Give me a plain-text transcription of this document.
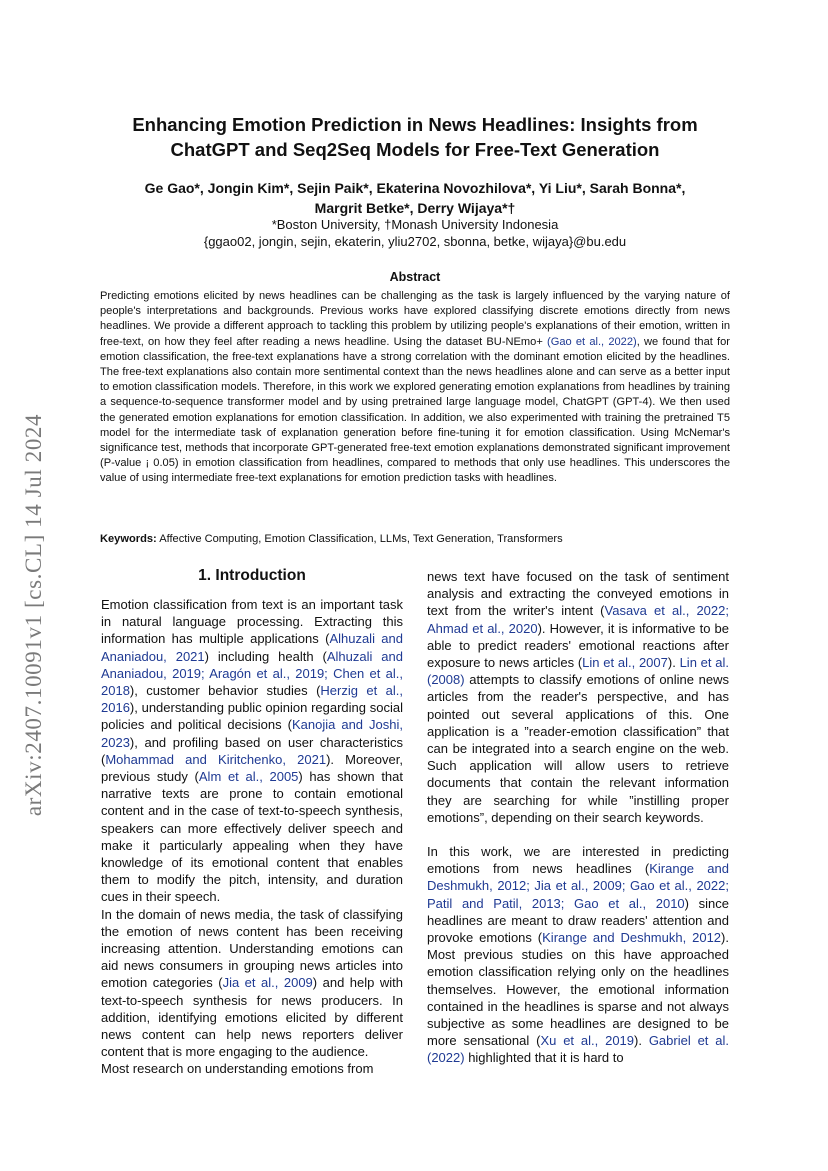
arXiv:2407.10091v1 [cs.CL] 14 Jul 2024
Enhancing Emotion Prediction in News Headlines: Insights from ChatGPT and Seq2Seq Models for Free-Text Generation
Ge Gao*, Jongin Kim*, Sejin Paik*, Ekaterina Novozhilova*, Yi Liu*, Sarah Bonna*,
Margrit Betke*, Derry Wijaya*†
*Boston University, †Monash University Indonesia
{ggao02, jongin, sejin, ekaterin, yliu2702, sbonna, betke, wijaya}@bu.edu
Abstract
Predicting emotions elicited by news headlines can be challenging as the task is largely influenced by the varying nature of people's interpretations and backgrounds. Previous works have explored classifying discrete emotions directly from news headlines. We provide a different approach to tackling this problem by utilizing people's explanations of their emotion, written in free-text, on how they feel after reading a news headline. Using the dataset BU-NEmo+ (Gao et al., 2022), we found that for emotion classification, the free-text explanations have a strong correlation with the dominant emotion elicited by the headlines. The free-text explanations also contain more sentimental context than the news headlines alone and can serve as a better input to emotion classification models. Therefore, in this work we explored generating emotion explanations from headlines by training a sequence-to-sequence transformer model and by using pretrained large language model, ChatGPT (GPT-4). We then used the generated emotion explanations for emotion classification. In addition, we also experimented with training the pretrained T5 model for the intermediate task of explanation generation before fine-tuning it for emotion classification. Using McNemar's significance test, methods that incorporate GPT-generated free-text emotion explanations demonstrated significant improvement (P-value ¡ 0.05) in emotion classification from headlines, compared to methods that only use headlines. This underscores the value of using intermediate free-text explanations for emotion prediction tasks with headlines.
Keywords: Affective Computing, Emotion Classification, LLMs, Text Generation, Transformers
1. Introduction

Emotion classification from text is an important task in natural language processing. Extracting this information has multiple applications (Alhuzali and Ananiadou, 2021) including health (Alhuzali and Ananiadou, 2019; Aragón et al., 2019; Chen et al., 2018), customer behavior studies (Herzig et al., 2016), understanding public opinion regarding social policies and political decisions (Kanojia and Joshi, 2023), and profiling based on user characteristics (Mohammad and Kiritchenko, 2021). Moreover, previous study (Alm et al., 2005) has shown that narrative texts are prone to contain emotional content and in the case of text-to-speech synthesis, speakers can more effectively deliver speech and make it particularly appealing when they have knowledge of its emotional content that enables them to modify the pitch, intensity, and duration cues in their speech.

In the domain of news media, the task of classifying the emotion of news content has been receiving increasing attention. Understanding emotions can aid news consumers in grouping news articles into emotion categories (Jia et al., 2009) and help with text-to-speech synthesis for news producers. In addition, identifying emotions elicited by different news content can help news reporters deliver content that is more engaging to the audience.

Most research on understanding emotions from

news text have focused on the task of sentiment analysis and extracting the conveyed emotions in text from the writer's intent (Vasava et al., 2022; Ahmad et al., 2020). However, it is informative to be able to predict readers' emotional reactions after exposure to news articles (Lin et al., 2007). Lin et al. (2008) attempts to classify emotions of online news articles from the reader's perspective, and has pointed out several applications of this. One application is a ”reader-emotion classification” that can be integrated into a search engine on the web. Such application will allow users to retrieve documents that contain the relevant information they are searching for while ”instilling proper emotions”, depending on their search keywords.

In this work, we are interested in predicting emotions from news headlines (Kirange and Deshmukh, 2012; Jia et al., 2009; Gao et al., 2022; Patil and Patil, 2013; Gao et al., 2010) since headlines are meant to draw readers' attention and provoke emotions (Kirange and Deshmukh, 2012). Most previous studies on this have approached emotion classification relying only on the headlines themselves. However, the emotional information contained in the headlines is sparse and not always subjective as some headlines are designed to be more sensational (Xu et al., 2019). Gabriel et al. (2022) highlighted that it is hard to
